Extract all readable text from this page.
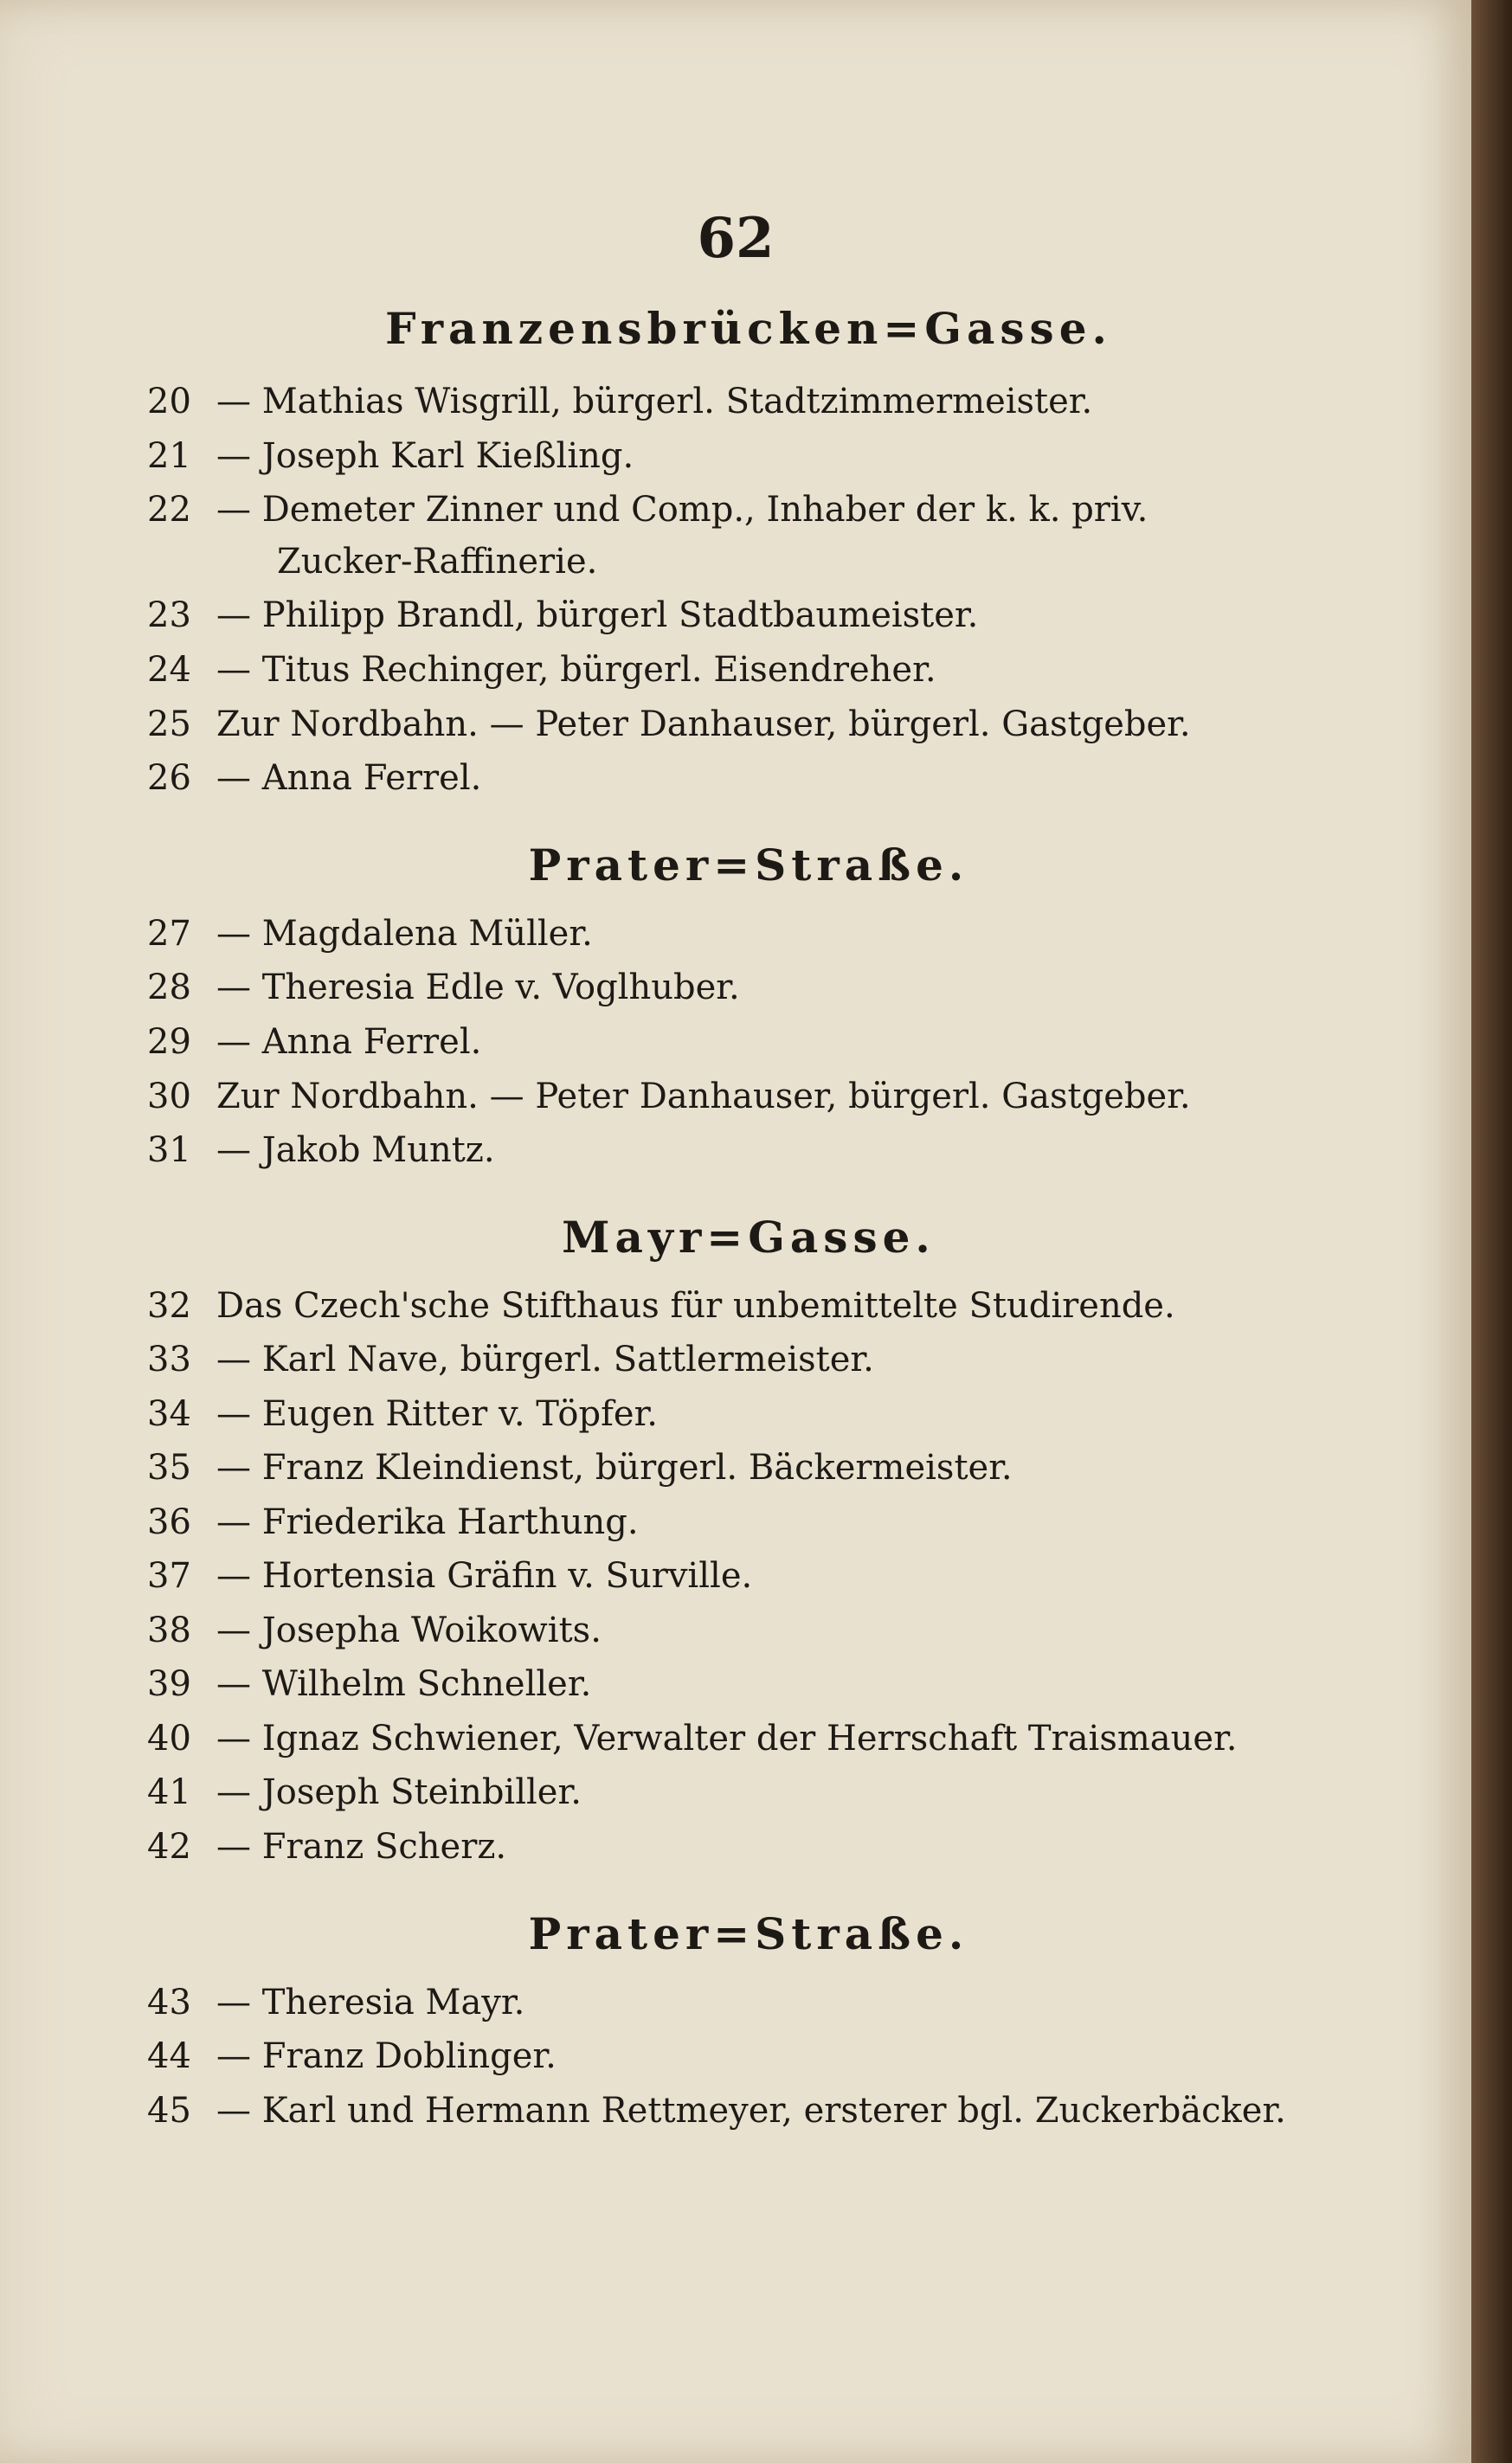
62
Franzensbrücken=Gasse.
20 — Mathias Wisgrill, bürgerl. Stadtzimmermeister.
21 — Joseph Karl Kießling.
22 — Demeter Zinner und Comp., Inhaber der k. k. priv.
Zucker-Raffinerie.
23 — Philipp Brandl, bürgerl Stadtbaumeister.
24 — Titus Rechinger, bürgerl. Eisendreher.
25 Zur Nordbahn. — Peter Danhauser, bürgerl. Gastgeber.
26 — Anna Ferrel.
Prater=Straße.
27 — Magdalena Müller.
28 — Theresia Edle v. Voglhuber.
29 — Anna Ferrel.
30 Zur Nordbahn. — Peter Danhauser, bürgerl. Gastgeber.
31 — Jakob Muntz.
Mayr=Gasse.
32 Das Czech'sche Stifthaus für unbemittelte Studirende.
33 — Karl Nave, bürgerl. Sattlermeister.
34 — Eugen Ritter v. Töpfer.
35 — Franz Kleindienst, bürgerl. Bäckermeister.
36 — Friederika Harthung.
37 — Hortensia Gräfin v. Surville.
38 — Josepha Woikowits.
39 — Wilhelm Schneller.
40 — Ignaz Schwiener, Verwalter der Herrschaft Traismauer.
41 — Joseph Steinbiller.
42 — Franz Scherz.
Prater=Straße.
43 — Theresia Mayr.
44 — Franz Doblinger.
45 — Karl und Hermann Rettmeyer, ersterer bgl. Zuckerbäcker.
